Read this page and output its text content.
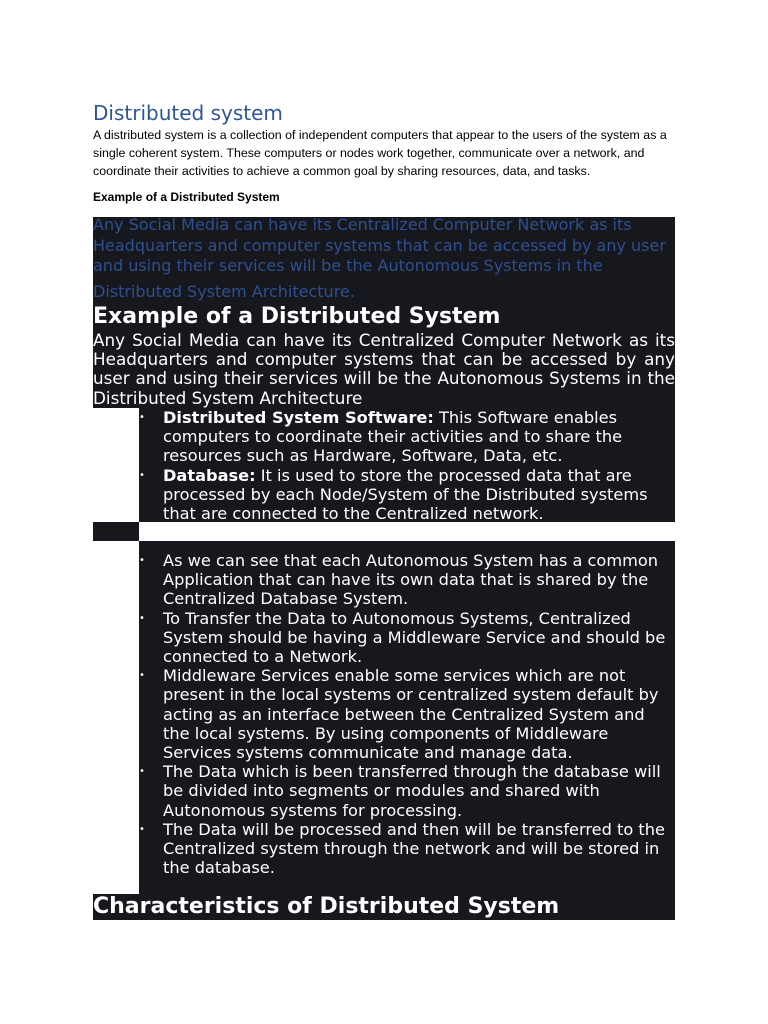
Distributed system

A distributed system is a collection of independent computers that appear to the users of the system as a single coherent system. These computers or nodes work together, communicate over a network, and coordinate their activities to achieve a common goal by sharing resources, data, and tasks.

Example of a Distributed System

Any Social Media can have its Centralized Computer Network as its Headquarters and computer systems that can be accessed by any user and using their services will be the Autonomous Systems in the

Distributed System Architecture.

Example of a Distributed System

Any Social Media can have its Centralized Computer Network as its Headquarters and computer systems that can be accessed by any user and using their services will be the Autonomous Systems in the Distributed System Architecture

• Distributed System Software: This Software enables computers to coordinate their activities and to share the resources such as Hardware, Software, Data, etc.
• Database: It is used to store the processed data that are processed by each Node/System of the Distributed systems that are connected to the Centralized network.
• As we can see that each Autonomous System has a common Application that can have its own data that is shared by the Centralized Database System.
• To Transfer the Data to Autonomous Systems, Centralized System should be having a Middleware Service and should be connected to a Network.
• Middleware Services enable some services which are not present in the local systems or centralized system default by acting as an interface between the Centralized System and the local systems. By using components of Middleware Services systems communicate and manage data.
• The Data which is been transferred through the database will be divided into segments or modules and shared with Autonomous systems for processing.
• The Data will be processed and then will be transferred to the Centralized system through the network and will be stored in the database.
Characteristics of Distributed System
